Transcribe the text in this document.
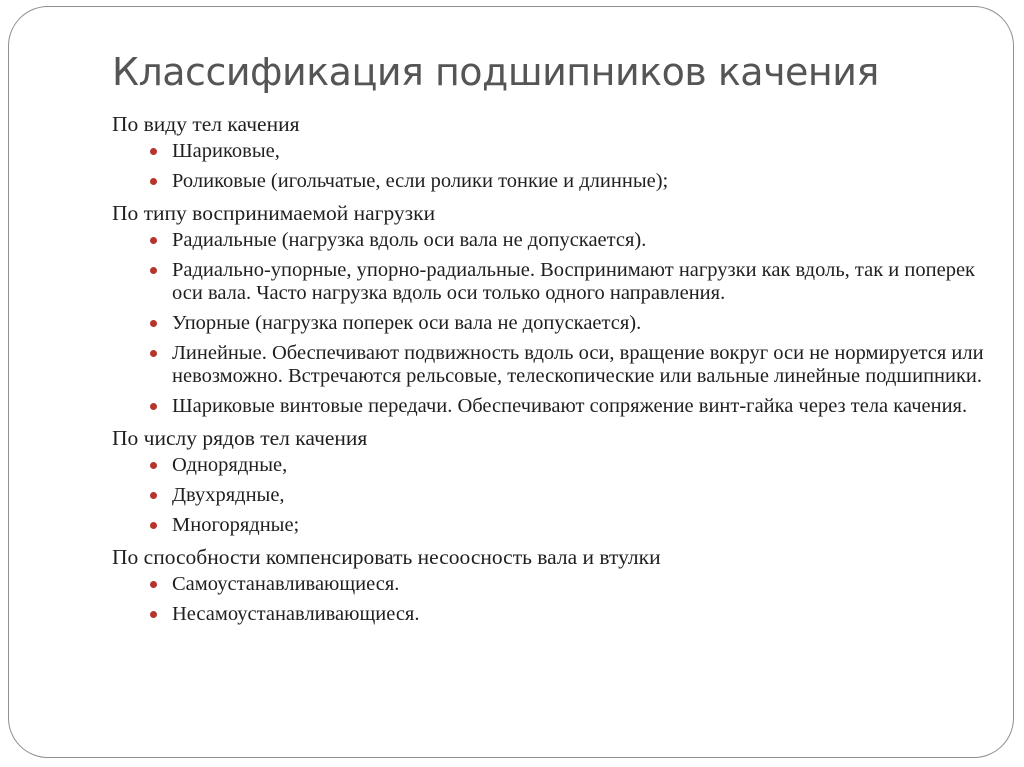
Классификация подшипников качения
По виду тел качения
Шариковые,
Роликовые (игольчатые, если ролики тонкие и длинные);
По типу воспринимаемой нагрузки
Радиальные (нагрузка вдоль оси вала не допускается).
Радиально-упорные, упорно-радиальные. Воспринимают нагрузки как вдоль, так и поперек оси вала. Часто нагрузка вдоль оси только одного направления.
Упорные (нагрузка поперек оси вала не допускается).
Линейные. Обеспечивают подвижность вдоль оси, вращение вокруг оси не нормируется или невозможно. Встречаются рельсовые, телескопические или вальные линейные подшипники.
Шариковые винтовые передачи. Обеспечивают сопряжение винт-гайка через тела качения.
По числу рядов тел качения
Однорядные,
Двухрядные,
Многорядные;
По способности компенсировать несоосность вала и втулки
Самоустанавливающиеся.
Несамоустанавливающиеся.
